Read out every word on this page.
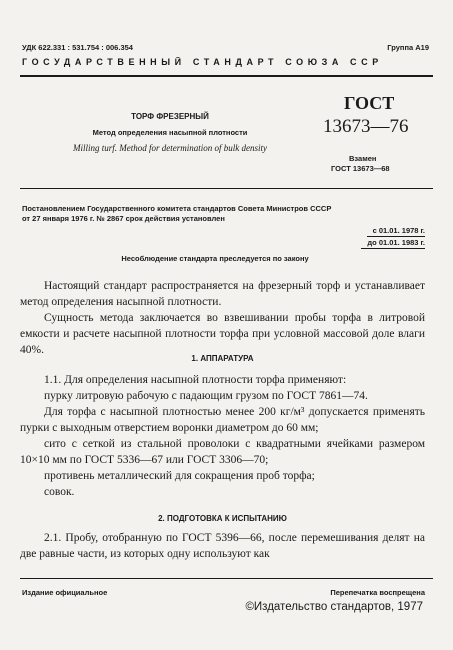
УДК 622.331 : 531.754 : 006.354	Группа А19
ГОСУДАРСТВЕННЫЙ СТАНДАРТ СОЮЗА ССР
ТОРФ ФРЕЗЕРНЫЙ
Метод определения насыпной плотности
Milling turf. Method for determination of bulk density
ГОСТ
13673—76
Взамен
ГОСТ 13673—68
Постановлением Государственного комитета стандартов Совета Министров СССР
от 27 января 1976 г. № 2867 срок действия установлен
с 01.01. 1978 г.
до 01.01. 1983 г.
Несоблюдение стандарта преследуется по закону

Настоящий стандарт распространяется на фрезерный торф и устанавливает метод определения насыпной плотности.

Сущность метода заключается во взвешивании пробы торфа в литровой емкости и расчете насыпной плотности торфа при условной массовой доле влаги 40%.

1. АППАРАТУРА

1.1. Для определения насыпной плотности торфа применяют:

пурку литровую рабочую с падающим грузом по ГОСТ 7861—74.

Для торфа с насыпной плотностью менее 200 кг/м³ допускается применять пурки с выходным отверстием воронки диаметром до 60 мм;

сито с сеткой из стальной проволоки с квадратными ячейками размером 10×10 мм по ГОСТ 5336—67 или ГОСТ 3306—70;

противень металлический для сокращения проб торфа;

совок.

2. ПОДГОТОВКА К ИСПЫТАНИЮ

2.1. Пробу, отобранную по ГОСТ 5396—66, после перемешивания делят на две равные части, из которых одну используют как

Издание официальное	Перепечатка воспрещена
©Издательство стандартов, 1977
